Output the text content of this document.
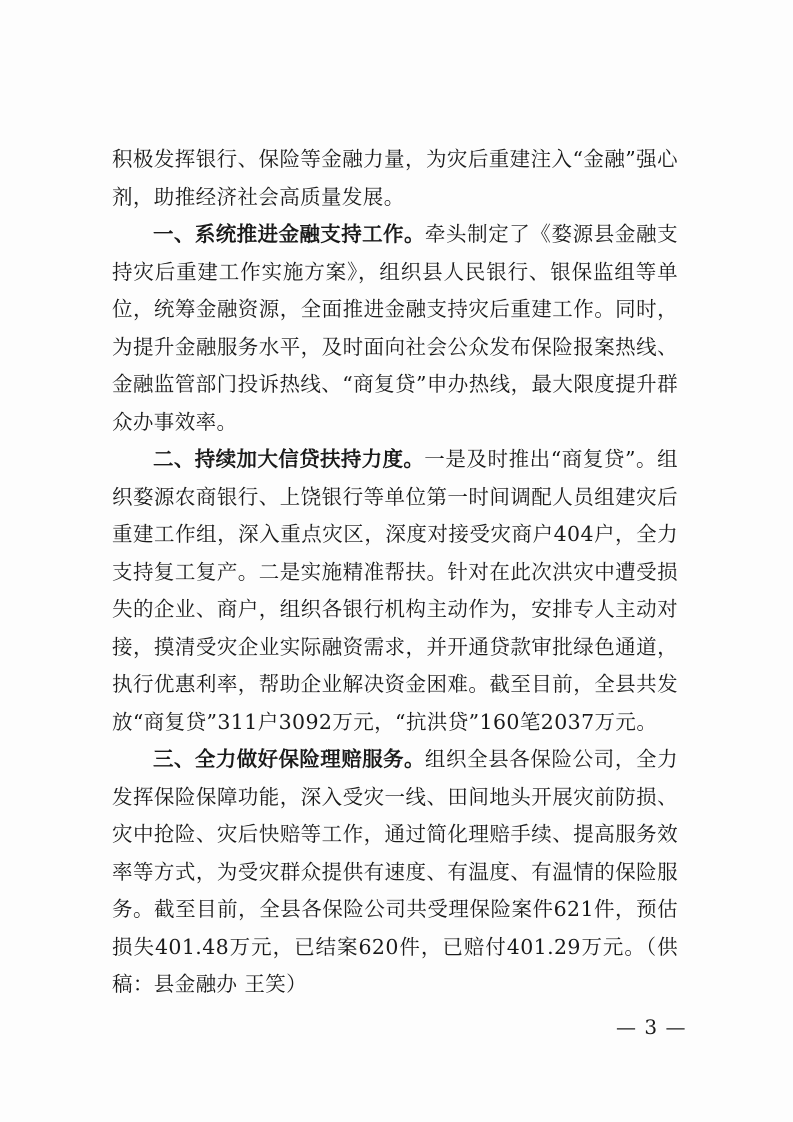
积极发挥银行、保险等金融力量，为灾后重建注入“金融”强心剂，助推经济社会高质量发展。

一、系统推进金融支持工作。牵头制定了《婺源县金融支持灾后重建工作实施方案》，组织县人民银行、银保监组等单位，统筹金融资源，全面推进金融支持灾后重建工作。同时，为提升金融服务水平，及时面向社会公众发布保险报案热线、金融监管部门投诉热线、“商复贷”申办热线，最大限度提升群众办事效率。

二、持续加大信贷扶持力度。一是及时推出“商复贷”。组织婺源农商银行、上饶银行等单位第一时间调配人员组建灾后重建工作组，深入重点灾区，深度对接受灾商户404户，全力支持复工复产。二是实施精准帮扶。针对在此次洪灾中遭受损失的企业、商户，组织各银行机构主动作为，安排专人主动对接，摸清受灾企业实际融资需求，并开通贷款审批绿色通道，执行优惠利率，帮助企业解决资金困难。截至目前，全县共发放“商复贷”311户3092万元，“抗洪贷”160笔2037万元。

三、全力做好保险理赔服务。组织全县各保险公司，全力发挥保险保障功能，深入受灾一线、田间地头开展灾前防损、灾中抢险、灾后快赔等工作，通过简化理赔手续、提高服务效率等方式，为受灾群众提供有速度、有温度、有温情的保险服务。截至目前，全县各保险公司共受理保险案件621件，预估损失401.48万元，已结案620件，已赔付401.29万元。（供稿：县金融办 王笑）

— 3 —
